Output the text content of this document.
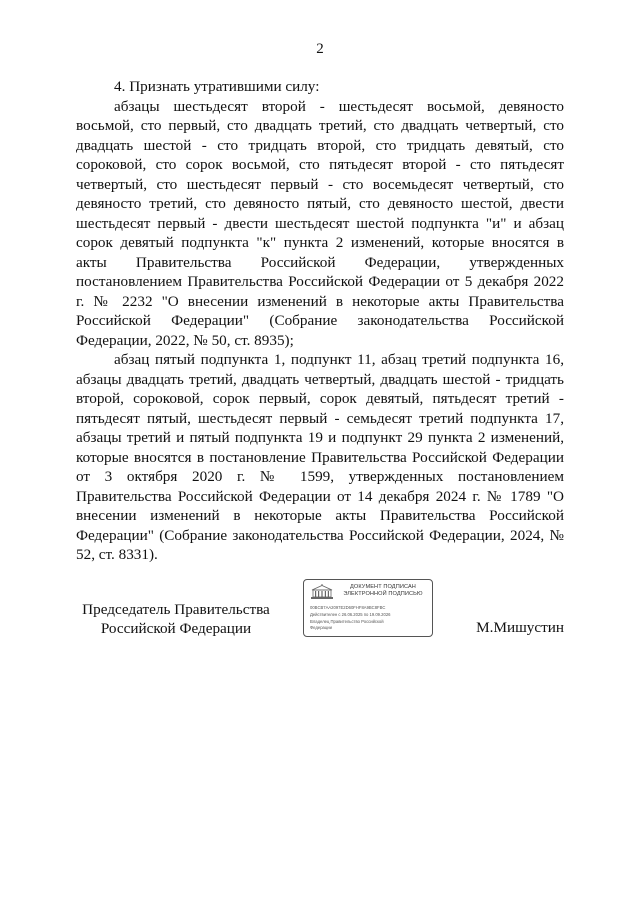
2

4. Признать утратившими силу:

абзацы шестьдесят второй - шестьдесят восьмой, девяносто восьмой, сто первый, сто двадцать третий, сто двадцать четвертый, сто двадцать шестой - сто тридцать второй, сто тридцать девятый, сто сороковой, сто сорок восьмой, сто пятьдесят второй - сто пятьдесят четвертый, сто шестьдесят первый - сто восемьдесят четвертый, сто девяносто третий, сто девяносто пятый, сто девяносто шестой, двести шестьдесят первый - двести шестьдесят шестой подпункта "и" и абзац сорок девятый подпункта "к" пункта 2 изменений, которые вносятся в акты Правительства Российской Федерации, утвержденных постановлением Правительства Российской Федерации от 5 декабря 2022 г. № 2232 "О внесении изменений в некоторые акты Правительства Российской Федерации" (Собрание законодательства Российской Федерации, 2022, № 50, ст. 8935);

абзац пятый подпункта 1, подпункт 11, абзац третий подпункта 16, абзацы двадцать третий, двадцать четвертый, двадцать шестой - тридцать второй, сороковой, сорок первый, сорок девятый, пятьдесят третий - пятьдесят пятый, шестьдесят первый - семьдесят третий подпункта 17, абзацы третий и пятый подпункта 19 и подпункт 29 пункта 2 изменений, которые вносятся в постановление Правительства Российской Федерации от 3 октября 2020 г. № 1599, утвержденных постановлением Правительства Российской Федерации от 14 декабря 2024 г. № 1789 "О внесении изменений в некоторые акты Правительства Российской Федерации" (Собрание законодательства Российской Федерации, 2024, № 52, ст. 8331).

Председатель Правительства Российской Федерации
ДОКУМЕНТ ПОДПИСАН
ЭЛЕКТРОННОЙ ПОДПИСЬЮ
00BCB7AA2097E2D60FHF8A9BC8FBC
Действителен с 26.06.2025 по 19.09.2026
Владелец Правительство Российской
Федерации	М.Мишустин
